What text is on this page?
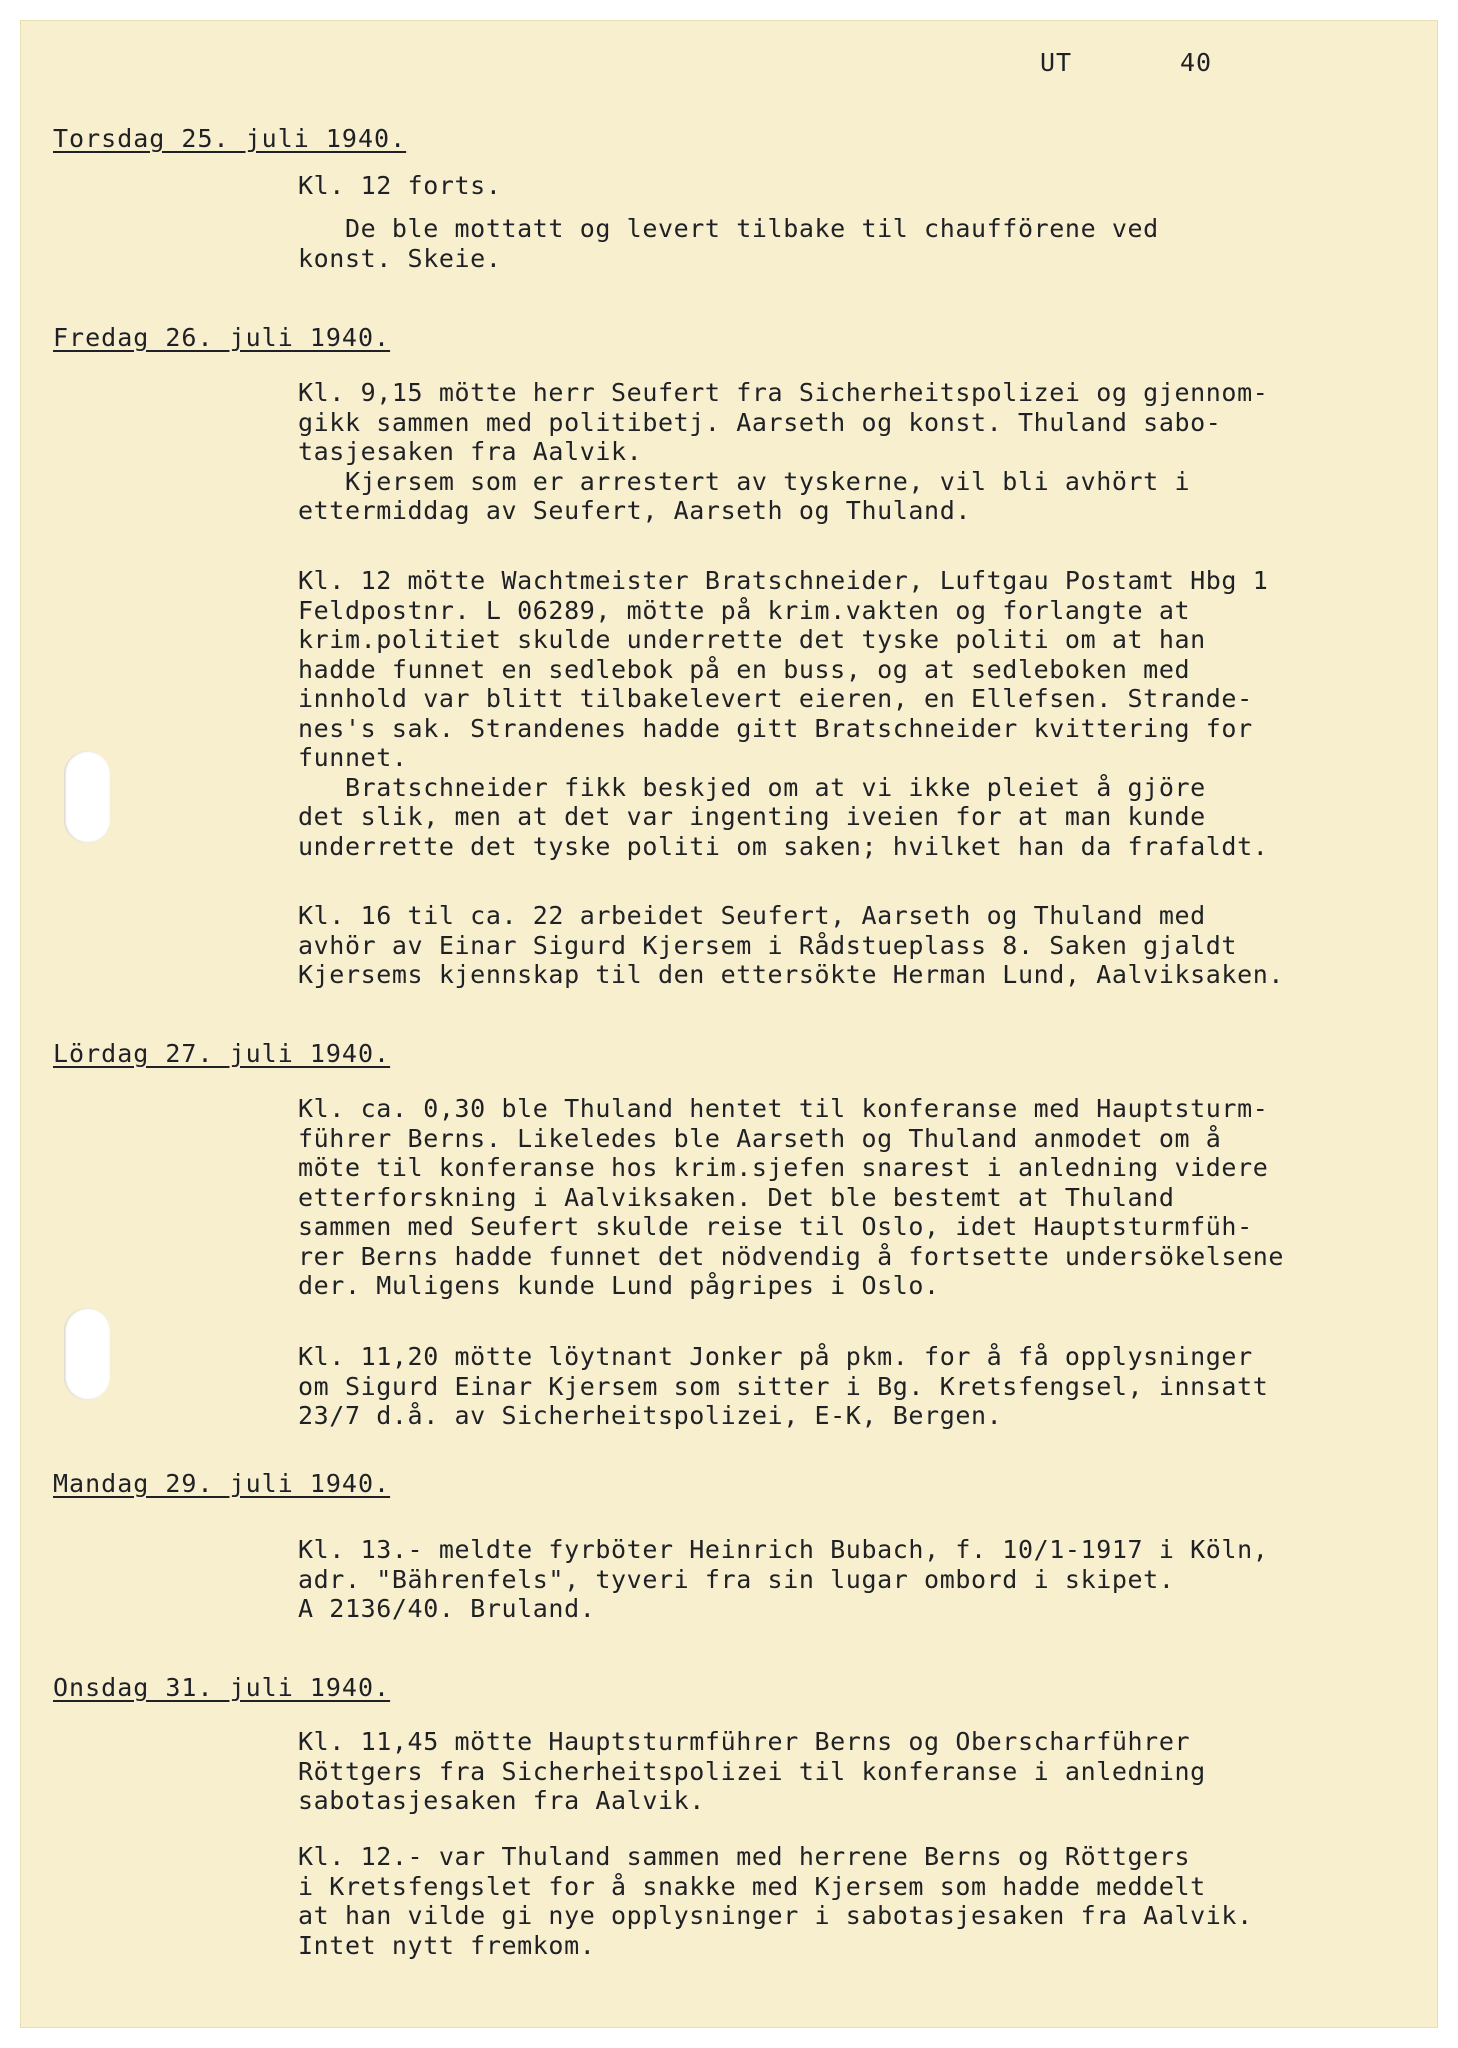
UT	40
Torsdag 25. juli 1940.

Kl. 12 forts.

De ble mottatt og levert tilbake til chaufförene ved
konst. Skeie.

Fredag 26. juli 1940.

Kl. 9,15 mötte herr Seufert fra Sicherheitspolizei og gjennom-
gikk sammen med politibetj. Aarseth og konst. Thuland sabo-
tasjesaken fra Aalvik.
Kjersem som er arrestert av tyskerne, vil bli avhört i
ettermiddag av Seufert, Aarseth og Thuland.

Kl. 12 mötte Wachtmeister Bratschneider, Luftgau Postamt Hbg 1
Feldpostnr. L 06289, mötte på krim.vakten og forlangte at
krim.politiet skulde underrette det tyske politi om at han
hadde funnet en sedlebok på en buss, og at sedleboken med
innhold var blitt tilbakelevert eieren, en Ellefsen. Strande-
nes's sak. Strandenes hadde gitt Bratschneider kvittering for
funnet.
Bratschneider fikk beskjed om at vi ikke pleiet å gjöre
det slik, men at det var ingenting iveien for at man kunde
underrette det tyske politi om saken; hvilket han da frafaldt.

Kl. 16 til ca. 22 arbeidet Seufert, Aarseth og Thuland med
avhör av Einar Sigurd Kjersem i Rådstueplass 8. Saken gjaldt
Kjersems kjennskap til den ettersökte Herman Lund, Aalviksaken.

Lördag 27. juli 1940.

Kl. ca. 0,30 ble Thuland hentet til konferanse med Hauptsturm-
führer Berns. Likeledes ble Aarseth og Thuland anmodet om å
möte til konferanse hos krim.sjefen snarest i anledning videre
etterforskning i Aalviksaken. Det ble bestemt at Thuland
sammen med Seufert skulde reise til Oslo, idet Hauptsturmfüh-
rer Berns hadde funnet det nödvendig å fortsette undersökelsene
der. Muligens kunde Lund pågripes i Oslo.

Kl. 11,20 mötte löytnant Jonker på pkm. for å få opplysninger
om Sigurd Einar Kjersem som sitter i Bg. Kretsfengsel, innsatt
23/7 d.å. av Sicherheitspolizei, E-K, Bergen.

Mandag 29. juli 1940.

Kl. 13.- meldte fyrböter Heinrich Bubach, f. 10/1-1917 i Köln,
adr. "Bährenfels", tyveri fra sin lugar ombord i skipet.
A 2136/40. Bruland.

Onsdag 31. juli 1940.

Kl. 11,45 mötte Hauptsturmführer Berns og Oberscharführer
Röttgers fra Sicherheitspolizei til konferanse i anledning
sabotasjesaken fra Aalvik.

Kl. 12.- var Thuland sammen med herrene Berns og Röttgers
i Kretsfengslet for å snakke med Kjersem som hadde meddelt
at han vilde gi nye opplysninger i sabotasjesaken fra Aalvik.
Intet nytt fremkom.
